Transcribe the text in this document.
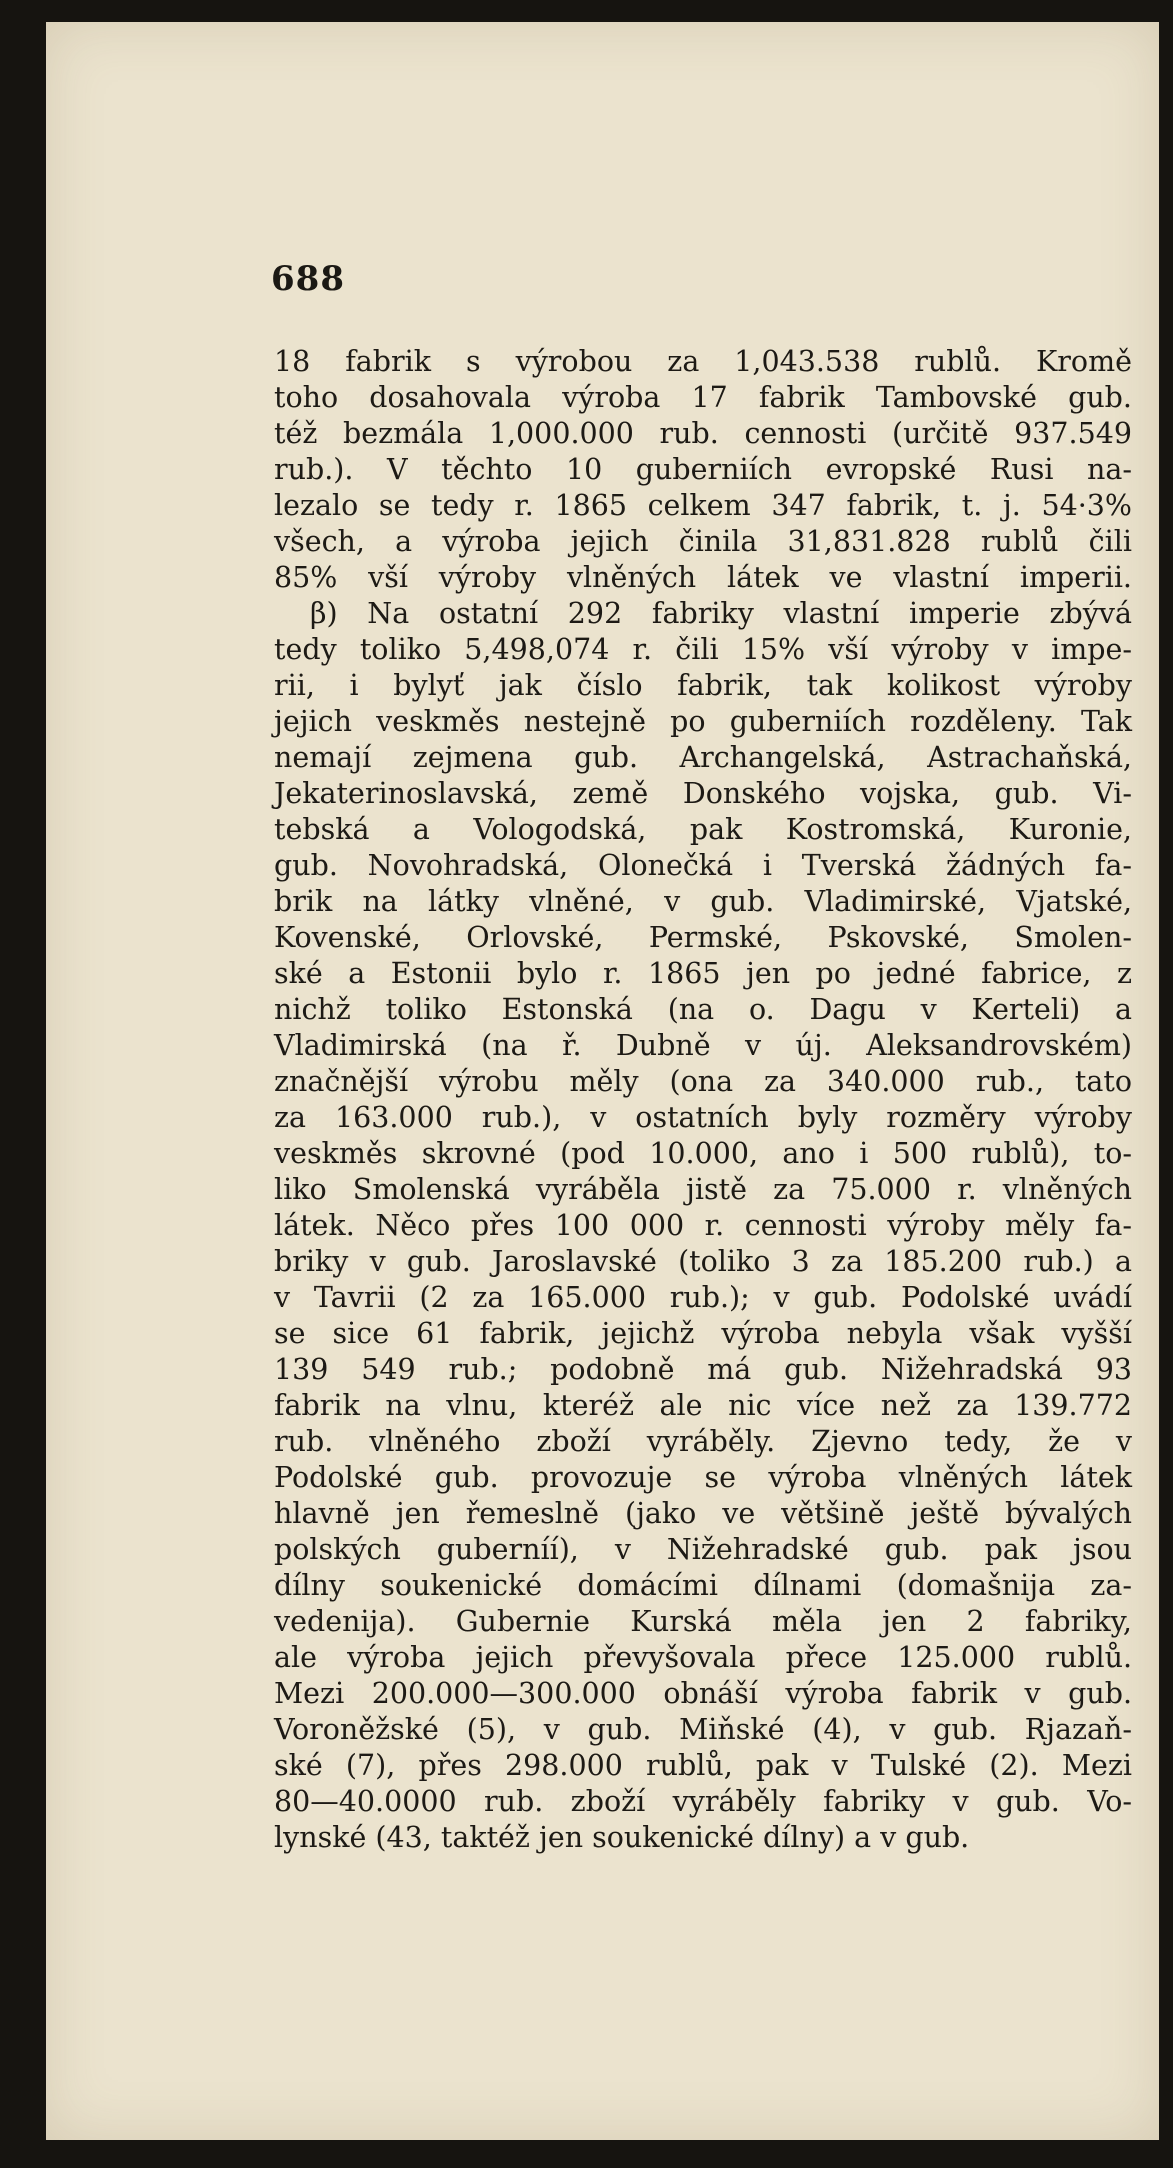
688
18 fabrik s výrobou za 1,043.538 rublů. Kromě
toho dosahovala výroba 17 fabrik Tambovské gub.
též bezmála 1,000.000 rub. cennosti (určitě 937.549
rub.). V těchto 10 guberniích evropské Rusi na-
lezalo se tedy r. 1865 celkem 347 fabrik, t. j. 54·3%
všech, a výroba jejich činila 31,831.828 rublů čili
85% vší výroby vlněných látek ve vlastní imperii.
β) Na ostatní 292 fabriky vlastní imperie zbývá
tedy toliko 5,498,074 r. čili 15% vší výroby v impe-
rii, i bylyť jak číslo fabrik, tak kolikost výroby
jejich veskměs nestejně po guberniích rozděleny. Tak
nemají zejmena gub. Archangelská, Astrachaňská,
Jekaterinoslavská, země Donského vojska, gub. Vi-
tebská a Vologodská, pak Kostromská, Kuronie,
gub. Novohradská, Olonečká i Tverská žádných fa-
brik na látky vlněné, v gub. Vladimirské, Vjatské,
Kovenské, Orlovské, Permské, Pskovské, Smolen-
ské a Estonii bylo r. 1865 jen po jedné fabrice, z
nichž toliko Estonská (na o. Dagu v Kerteli) a
Vladimirská (na ř. Dubně v új. Aleksandrovském)
značnější výrobu měly (ona za 340.000 rub., tato
za 163.000 rub.), v ostatních byly rozměry výroby
veskměs skrovné (pod 10.000, ano i 500 rublů), to-
liko Smolenská vyráběla jistě za 75.000 r. vlněných
látek. Něco přes 100 000 r. cennosti výroby měly fa-
briky v gub. Jaroslavské (toliko 3 za 185.200 rub.) a
v Tavrii (2 za 165.000 rub.); v gub. Podolské uvádí
se sice 61 fabrik, jejichž výroba nebyla však vyšší
139 549 rub.; podobně má gub. Nižehradská 93
fabrik na vlnu, kteréž ale nic více než za 139.772
rub. vlněného zboží vyráběly. Zjevno tedy, že v
Podolské gub. provozuje se výroba vlněných látek
hlavně jen řemeslně (jako ve většině ještě bývalých
polských guberníí), v Nižehradské gub. pak jsou
dílny soukenické domácími dílnami (domašnija za-
vedenija). Gubernie Kurská měla jen 2 fabriky,
ale výroba jejich převyšovala přece 125.000 rublů.
Mezi 200.000—300.000 obnáší výroba fabrik v gub.
Voroněžské (5), v gub. Miňské (4), v gub. Rjazaň-
ské (7), přes 298.000 rublů, pak v Tulské (2). Mezi
80—40.0000 rub. zboží vyráběly fabriky v gub. Vo-
lynské (43, taktéž jen soukenické dílny) a v gub.
